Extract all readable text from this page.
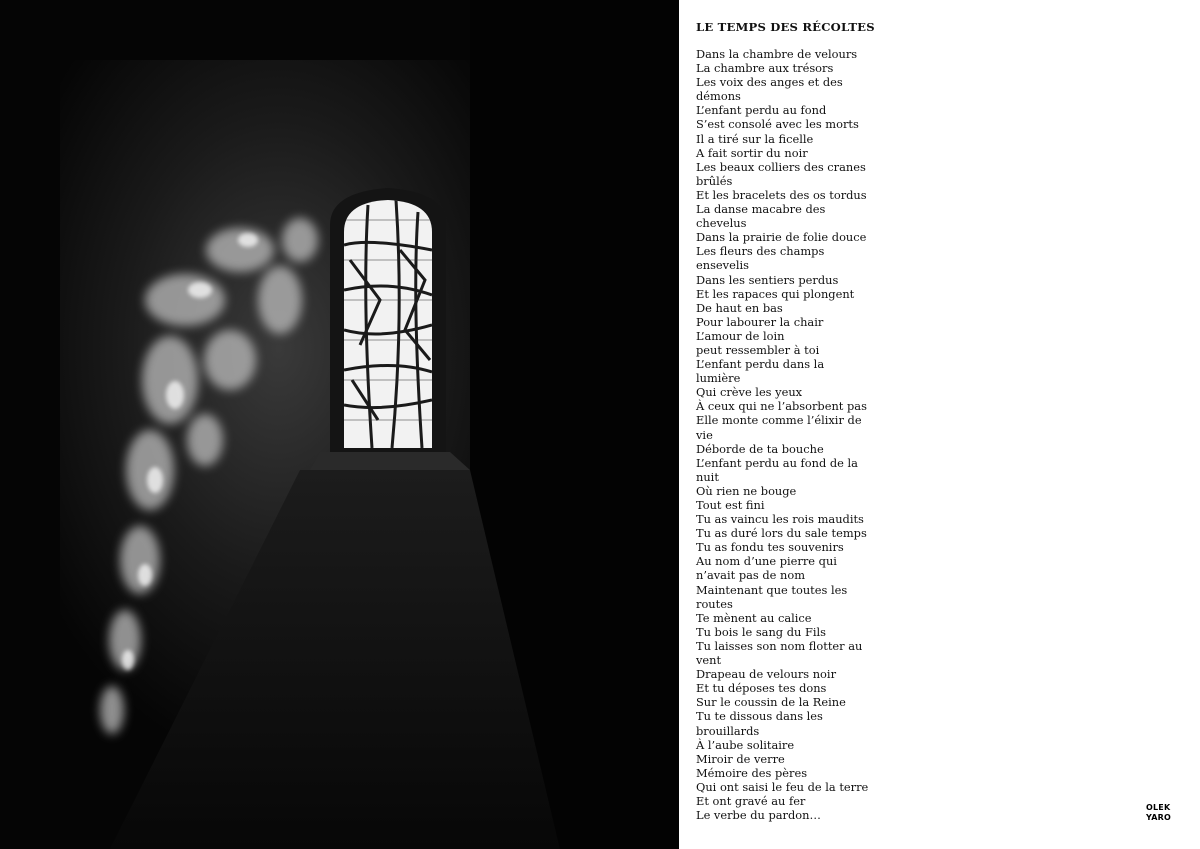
LE TEMPS DES RÉCOLTES
Dans la chambre de velours
La chambre aux trésors
Les voix des anges et des
démons
L’enfant perdu au fond
S’est consolé avec les morts
Il a tiré sur la ficelle
A fait sortir du noir
Les beaux colliers des cranes
brûlés
Et les bracelets des os tordus
La danse macabre des
chevelus
Dans la prairie de folie douce
Les fleurs des champs
ensevelis
Dans les sentiers perdus
Et les rapaces qui plongent
De haut en bas
Pour labourer la chair
L’amour de loin
peut ressembler à toi
L’enfant perdu dans la
lumière
Qui crève les yeux
À ceux qui ne l’absorbent pas
Elle monte comme l’élixir de
vie
Déborde de ta bouche
L’enfant perdu au fond de la
nuit
Où rien ne bouge
Tout est fini
Tu as vaincu les rois maudits
Tu as duré lors du sale temps
Tu as fondu tes souvenirs
Au nom d’une pierre qui
n’avait pas de nom
Maintenant que toutes les
routes
Te mènent au calice
Tu bois le sang du Fils
Tu laisses son nom flotter au
vent
Drapeau de velours noir
Et tu déposes tes dons
Sur le coussin de la Reine
Tu te dissous dans les
brouillards
À l’aube solitaire
Miroir de verre
Mémoire des pères
Qui ont saisi le feu de la terre
Et ont gravé au fer
Le verbe du pardon…
OLEK
YARO
